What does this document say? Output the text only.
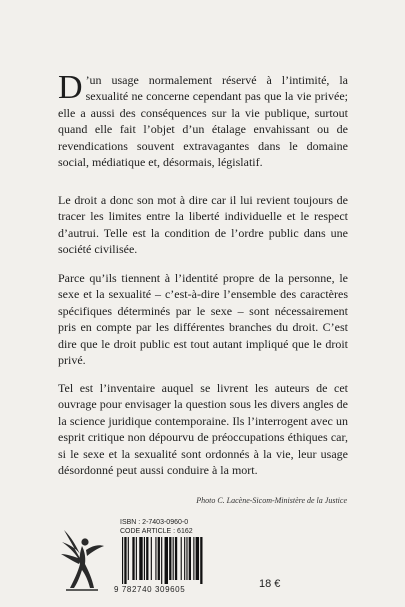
D ’un usage normalement réservé à l’intimité, la sexualité ne concerne cependant pas que la vie privée; elle a aussi des conséquences sur la vie publique, surtout quand elle fait l’objet d’un étalage envahissant ou de revendications souvent extravagantes dans le domaine social, médiatique et, désormais, législatif.

Le droit a donc son mot à dire car il lui revient toujours de tracer les limites entre la liberté individuelle et le respect d’autrui. Telle est la condition de l’ordre public dans une société civilisée.

Parce qu’ils tiennent à l’identité propre de la personne, le sexe et la sexualité – c’est-à-dire l’ensemble des caractères spécifiques déterminés par le sexe – sont nécessairement pris en compte par les différentes branches du droit. C’est dire que le droit public est tout autant impliqué que le droit privé.

Tel est l’inventaire auquel se livrent les auteurs de cet ouvrage pour envisager la question sous les divers angles de la science juridique contemporaine. Ils l’interrogent avec un esprit critique non dépourvu de préoccupations éthiques car, si le sexe et la sexualité sont ordonnés à la vie, leur usage désordonné peut aussi conduire à la mort.

Photo C. Lacène-Sicom-Ministère de la Justice
ISBN : 2-7403-0960-0
CODE ARTICLE : 6162
9 782740 309605	18 €
